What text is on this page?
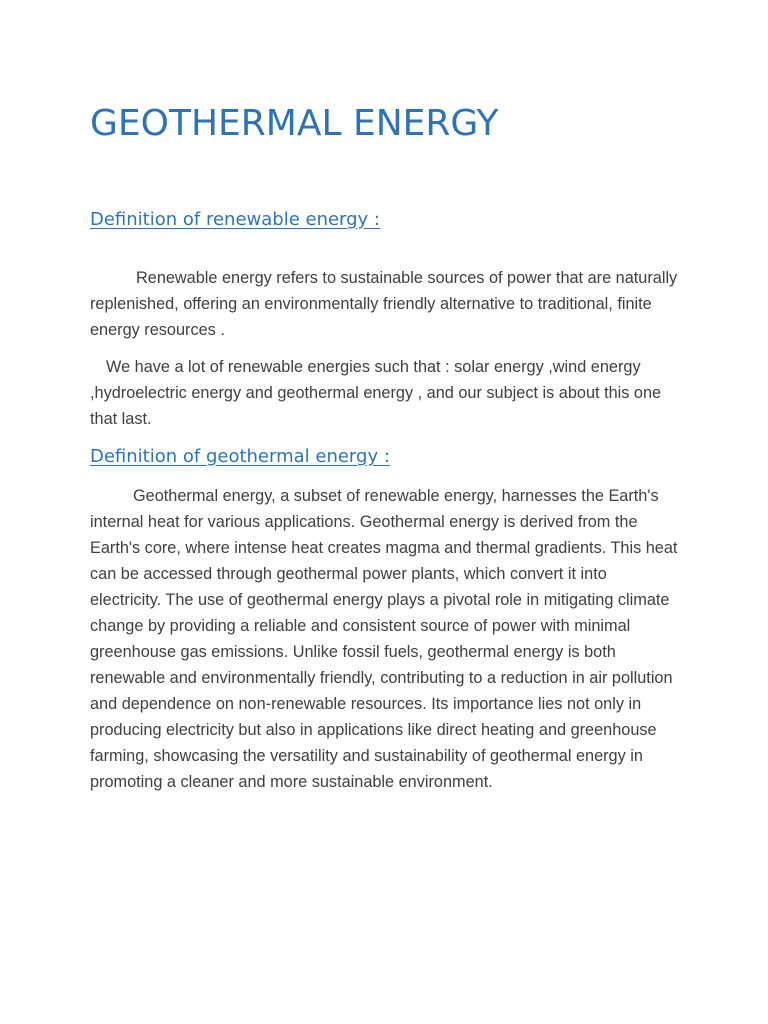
GEOTHERMAL ENERGY
Definition of renewable energy :

Renewable energy refers to sustainable sources of power that are naturally replenished, offering an environmentally friendly alternative to traditional, finite energy resources .

We have a lot of renewable energies such that : solar energy ,wind energy ,hydroelectric energy and geothermal energy , and our subject is about this one that last.

Definition of geothermal energy :

Geothermal energy, a subset of renewable energy, harnesses the Earth's internal heat for various applications. Geothermal energy is derived from the Earth's core, where intense heat creates magma and thermal gradients. This heat can be accessed through geothermal power plants, which convert it into electricity. The use of geothermal energy plays a pivotal role in mitigating climate change by providing a reliable and consistent source of power with minimal greenhouse gas emissions. Unlike fossil fuels, geothermal energy is both renewable and environmentally friendly, contributing to a reduction in air pollution and dependence on non-renewable resources. Its importance lies not only in producing electricity but also in applications like direct heating and greenhouse farming, showcasing the versatility and sustainability of geothermal energy in promoting a cleaner and more sustainable environment.
